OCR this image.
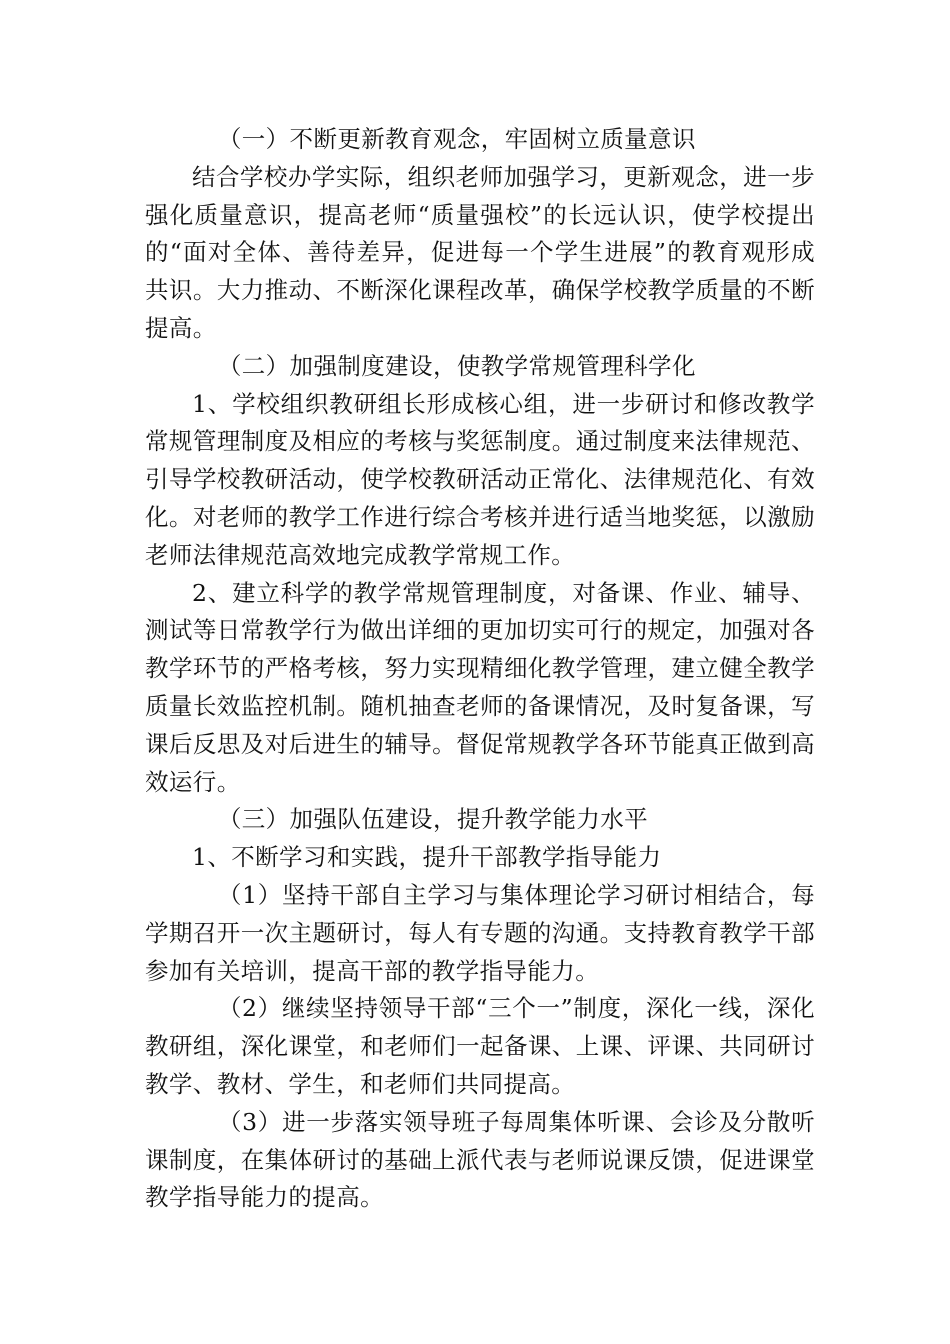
（一）不断更新教育观念，牢固树立质量意识

结合学校办学实际，组织老师加强学习，更新观念，进一步强化质量意识，提高老师“质量强校”的长远认识，使学校提出的“面对全体、善待差异，促进每一个学生进展”的教育观形成共识。大力推动、不断深化课程改革，确保学校教学质量的不断提高。

（二）加强制度建设，使教学常规管理科学化

1、学校组织教研组长形成核心组，进一步研讨和修改教学常规管理制度及相应的考核与奖惩制度。通过制度来法律规范、引导学校教研活动，使学校教研活动正常化、法律规范化、有效化。对老师的教学工作进行综合考核并进行适当地奖惩，以激励老师法律规范高效地完成教学常规工作。

2、建立科学的教学常规管理制度，对备课、作业、辅导、测试等日常教学行为做出详细的更加切实可行的规定，加强对各教学环节的严格考核，努力实现精细化教学管理，建立健全教学质量长效监控机制。随机抽查老师的备课情况，及时复备课，写课后反思及对后进生的辅导。督促常规教学各环节能真正做到高效运行。

（三）加强队伍建设，提升教学能力水平

1、不断学习和实践，提升干部教学指导能力

（1）坚持干部自主学习与集体理论学习研讨相结合，每学期召开一次主题研讨，每人有专题的沟通。支持教育教学干部参加有关培训，提高干部的教学指导能力。

（2）继续坚持领导干部“三个一”制度，深化一线，深化教研组，深化课堂，和老师们一起备课、上课、评课、共同研讨教学、教材、学生，和老师们共同提高。

（3）进一步落实领导班子每周集体听课、会诊及分散听课制度，在集体研讨的基础上派代表与老师说课反馈，促进课堂教学指导能力的提高。
